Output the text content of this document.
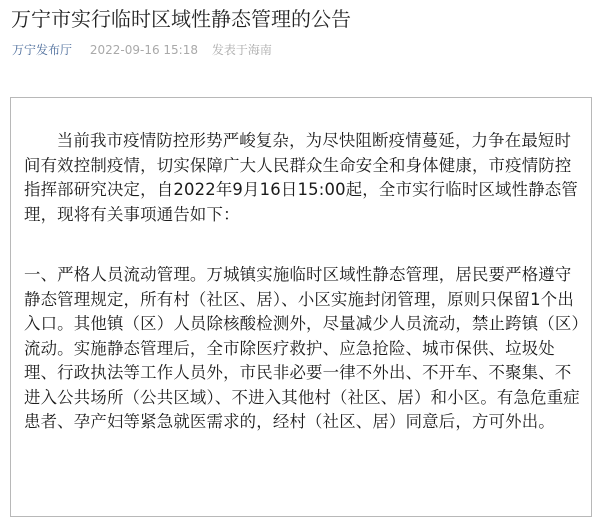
万宁市实行临时区域性静态管理的公告
万宁发布厅 2022-09-16 15:18 发表于海南

当前我市疫情防控形势严峻复杂，为尽快阻断疫情蔓延，力争在最短时间有效控制疫情，切实保障广大人民群众生命安全和身体健康，市疫情防控指挥部研究决定，自2022年9月16日15:00起，全市实行临时区域性静态管理，现将有关事项通告如下：

一、严格人员流动管理。万城镇实施临时区域性静态管理，居民要严格遵守静态管理规定，所有村（社区、居）、小区实施封闭管理，原则只保留1个出入口。其他镇（区）人员除核酸检测外，尽量减少人员流动，禁止跨镇（区）流动。实施静态管理后，全市除医疗救护、应急抢险、城市保供、垃圾处理、行政执法等工作人员外，市民非必要一律不外出、不开车、不聚集、不进入公共场所（公共区域）、不进入其他村（社区、居）和小区。有急危重症患者、孕产妇等紧急就医需求的，经村（社区、居）同意后，方可外出。
